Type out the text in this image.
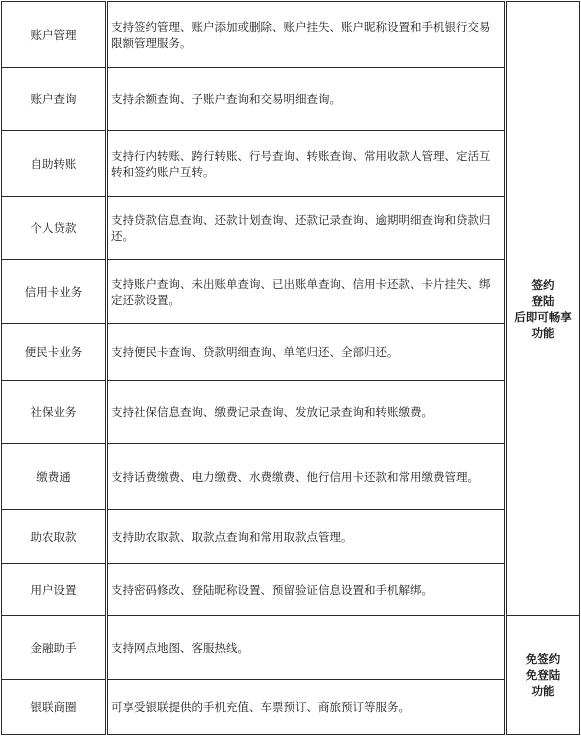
账户管理	支持签约管理、账户添加或删除、账户挂失、账户昵称设置和手机银行交易限额管理服务。	签约
登陆
后即可畅享
功能

账户查询	支持余额查询、子账户查询和交易明细查询。	
自助转账	支持行内转账、跨行转账、行号查询、转账查询、常用收款人管理、定活互转和签约账户互转。	
个人贷款	支持贷款信息查询、还款计划查询、还款记录查询、逾期明细查询和贷款归还。	
信用卡业务	支持账户查询、未出账单查询、已出账单查询、信用卡还款、卡片挂失、绑定还款设置。	
便民卡业务	支持便民卡查询、贷款明细查询、单笔归还、全部归还。	
社保业务	支持社保信息查询、缴费记录查询、发放记录查询和转账缴费。	
缴费通	支持话费缴费、电力缴费、水费缴费、他行信用卡还款和常用缴费管理。	
助农取款	支持助农取款、取款点查询和常用取款点管理。	
用户设置	支持密码修改、登陆昵称设置、预留验证信息设置和手机解绑。	
金融助手	支持网点地图、客服热线。	免签约
免登陆
功能

银联商圈	可享受银联提供的手机充值、车票预订、商旅预订等服务。	
